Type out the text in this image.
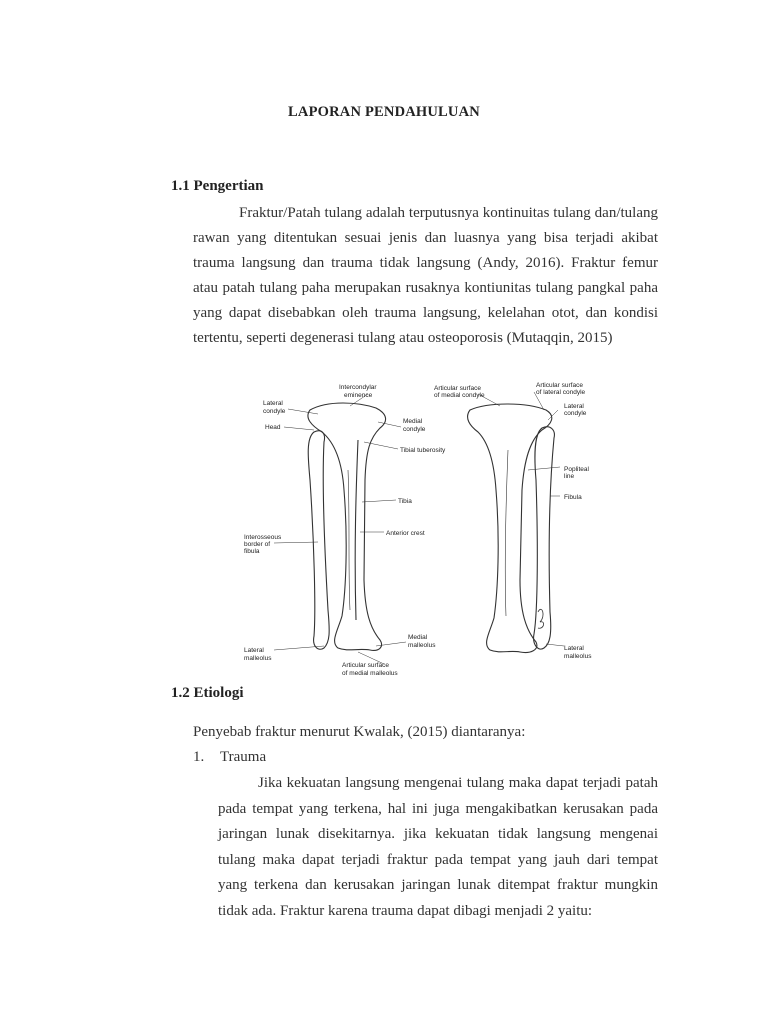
LAPORAN PENDAHULUAN
1.1 Pengertian

Fraktur/Patah tulang adalah terputusnya kontinuitas tulang dan/tulang rawan yang ditentukan sesuai jenis dan luasnya yang bisa terjadi akibat trauma langsung dan trauma tidak langsung (Andy, 2016). Fraktur femur atau patah tulang paha merupakan rusaknya kontiunitas tulang pangkal paha yang dapat disebabkan oleh trauma langsung, kelelahan otot, dan kondisi tertentu, seperti degenerasi tulang atau osteoporosis (Mutaqqin, 2015)

Intercondylar
eminence
Lateral
condyle
Head
Medial
condyle
Tibial tuberosity
Tibia
Anterior crest
Interosseous
border of
fibula
Lateral
malleolus
Medial
malleolus
Articular surface
of medial malleolus
Articular surface
of medial condyle
Articular surface
of lateral condyle
Lateral
condyle
Popliteal
line
Fibula
Lateral
malleolus
1.2 Etiologi
Penyebab fraktur menurut Kwalak, (2015) diantaranya:
1. Trauma

Jika kekuatan langsung mengenai tulang maka dapat terjadi patah pada tempat yang terkena, hal ini juga mengakibatkan kerusakan pada jaringan lunak disekitarnya. jika kekuatan tidak langsung mengenai tulang maka dapat terjadi fraktur pada tempat yang jauh dari tempat yang terkena dan kerusakan jaringan lunak ditempat fraktur mungkin tidak ada. Fraktur karena trauma dapat dibagi menjadi 2 yaitu:
